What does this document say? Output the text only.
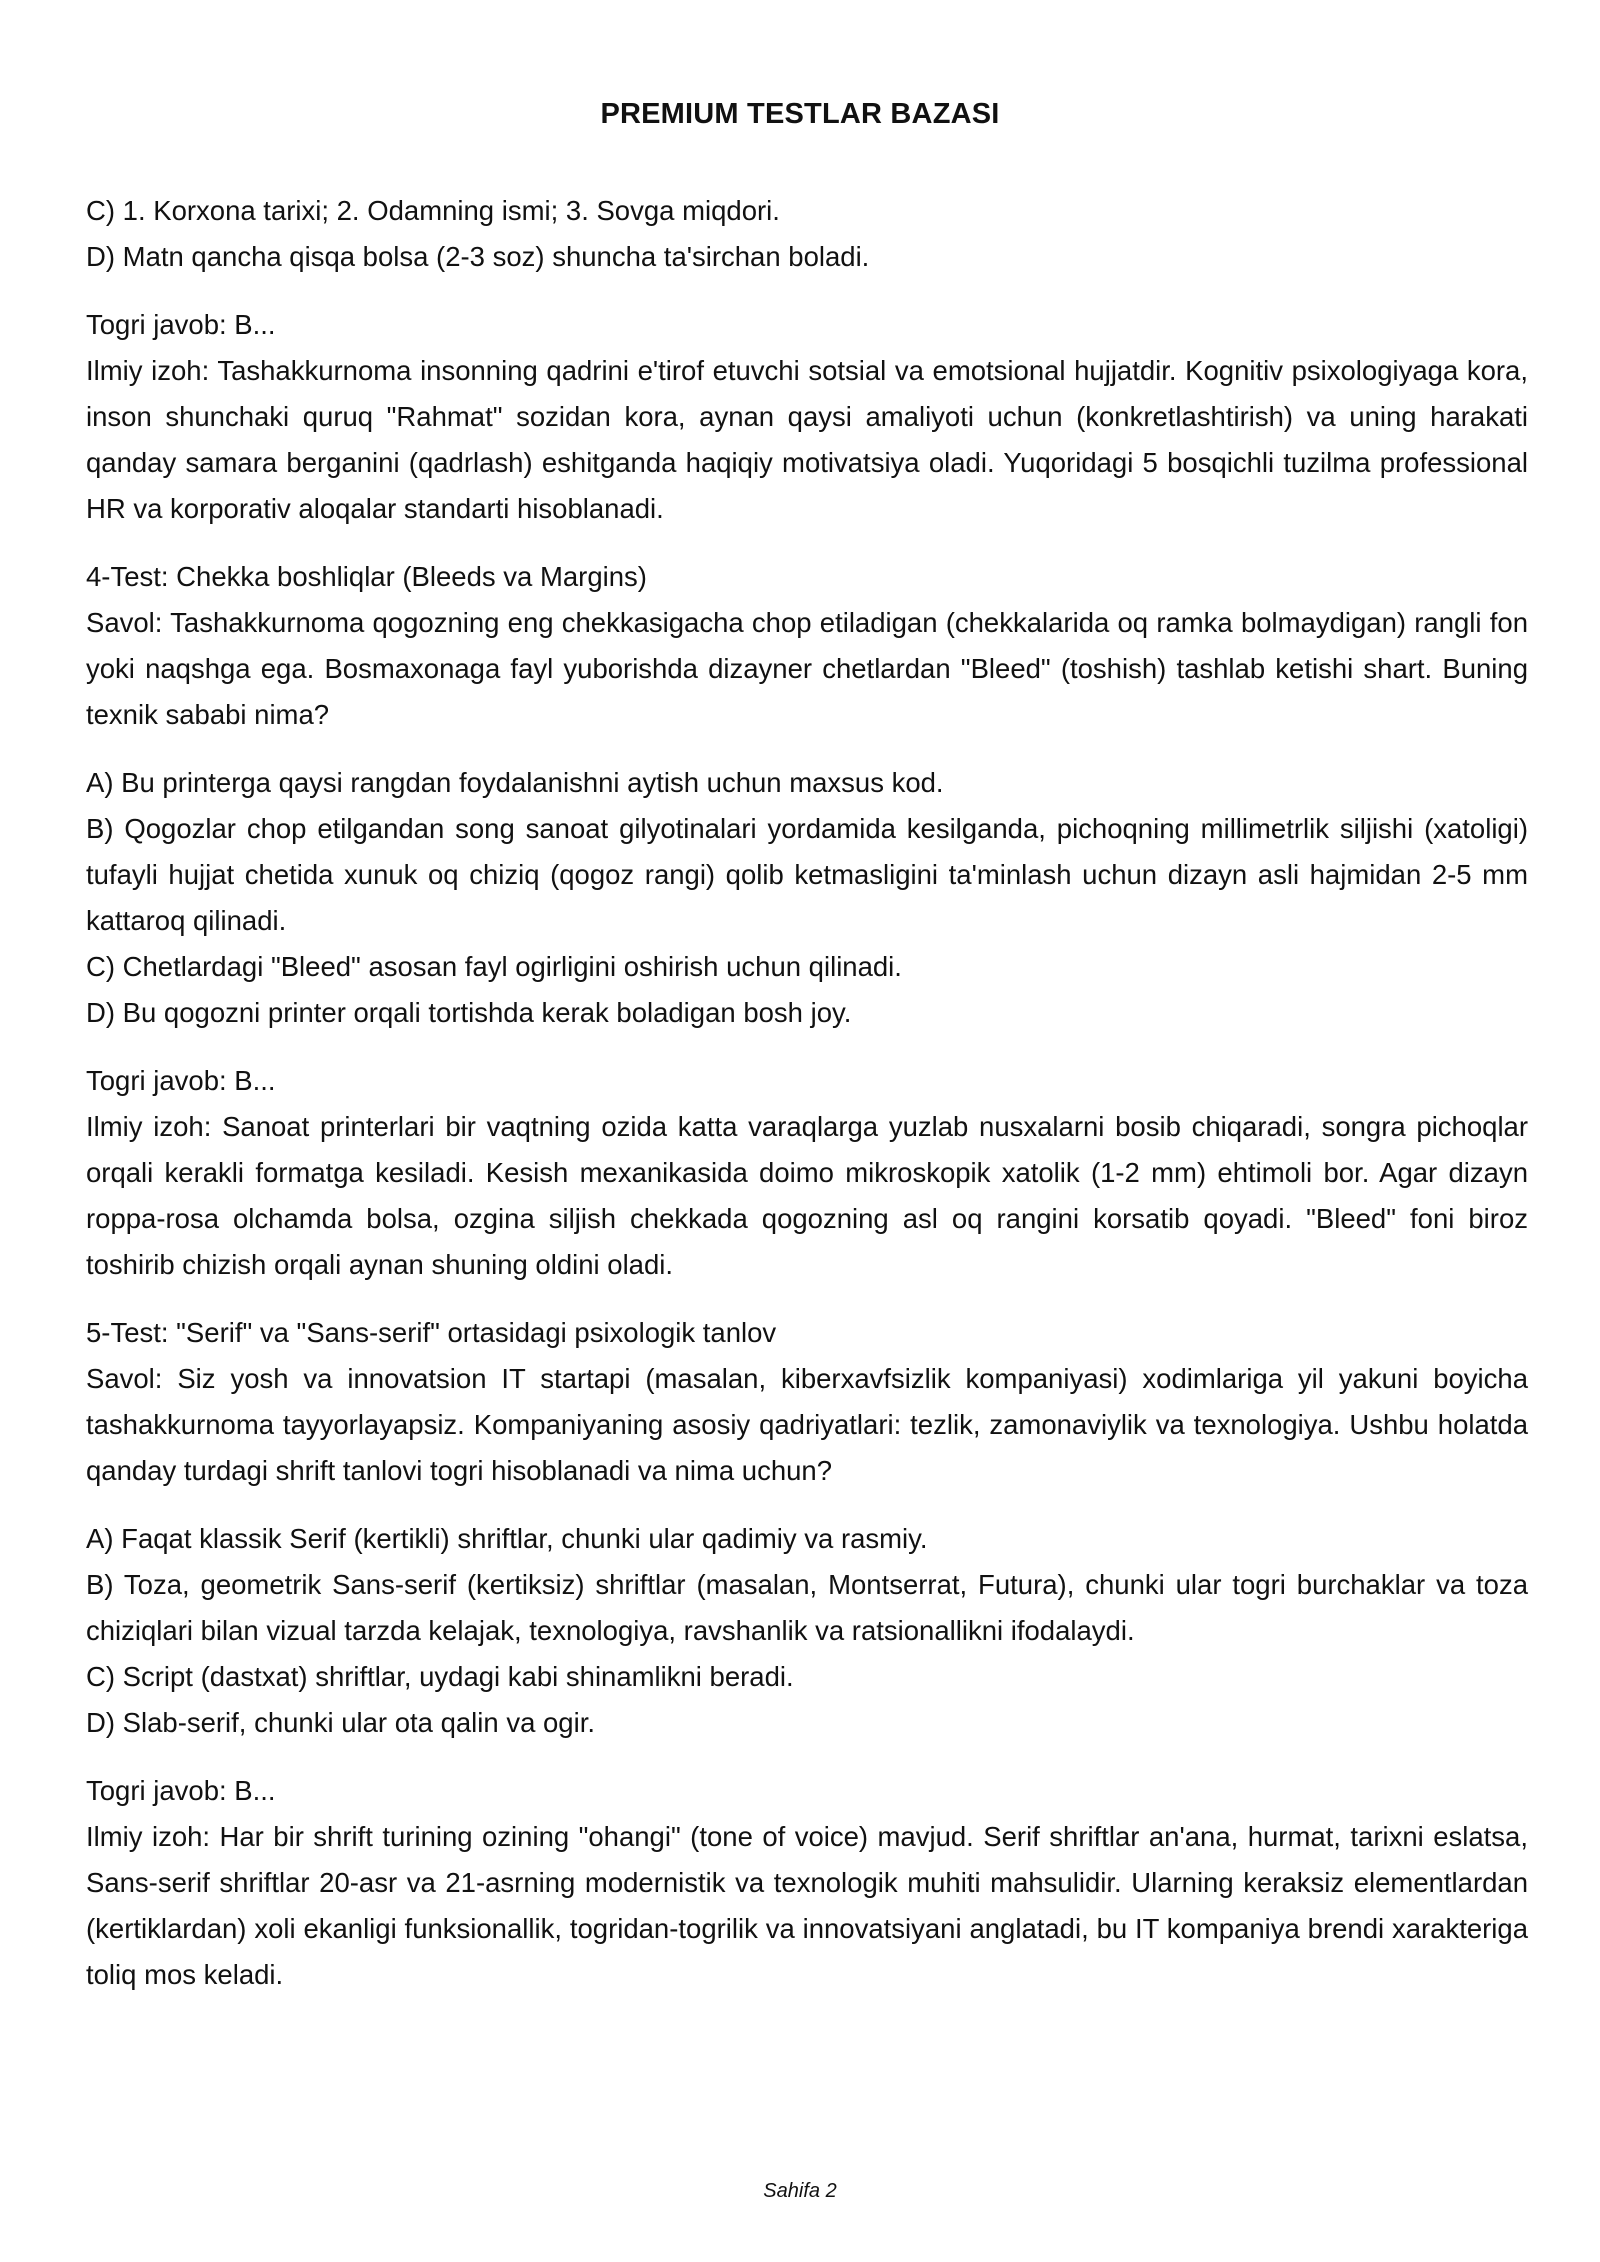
PREMIUM TESTLAR BAZASI

C) 1. Korxona tarixi; 2. Odamning ismi; 3. Sovga miqdori.

D) Matn qancha qisqa bolsa (2-3 soz) shuncha ta'sirchan boladi.

Togri javob: B...

Ilmiy izoh: Tashakkurnoma insonning qadrini e'tirof etuvchi sotsial va emotsional hujjatdir. Kognitiv psixologiyaga kora, inson shunchaki quruq "Rahmat" sozidan kora, aynan qaysi amaliyoti uchun (konkretlashtirish) va uning harakati qanday samara berganini (qadrlash) eshitganda haqiqiy motivatsiya oladi. Yuqoridagi 5 bosqichli tuzilma professional HR va korporativ aloqalar standarti hisoblanadi.

4-Test: Chekka boshliqlar (Bleeds va Margins)

Savol: Tashakkurnoma qogozning eng chekkasigacha chop etiladigan (chekkalarida oq ramka bolmaydigan) rangli fon yoki naqshga ega. Bosmaxonaga fayl yuborishda dizayner chetlardan "Bleed" (toshish) tashlab ketishi shart. Buning texnik sababi nima?

A) Bu printerga qaysi rangdan foydalanishni aytish uchun maxsus kod.

B) Qogozlar chop etilgandan song sanoat gilyotinalari yordamida kesilganda, pichoqning millimetrlik siljishi (xatoligi) tufayli hujjat chetida xunuk oq chiziq (qogoz rangi) qolib ketmasligini ta'minlash uchun dizayn asli hajmidan 2-5 mm kattaroq qilinadi.

C) Chetlardagi "Bleed" asosan fayl ogirligini oshirish uchun qilinadi.

D) Bu qogozni printer orqali tortishda kerak boladigan bosh joy.

Togri javob: B...

Ilmiy izoh: Sanoat printerlari bir vaqtning ozida katta varaqlarga yuzlab nusxalarni bosib chiqaradi, songra pichoqlar orqali kerakli formatga kesiladi. Kesish mexanikasida doimo mikroskopik xatolik (1-2 mm) ehtimoli bor. Agar dizayn roppa-rosa olchamda bolsa, ozgina siljish chekkada qogozning asl oq rangini korsatib qoyadi. "Bleed" foni biroz toshirib chizish orqali aynan shuning oldini oladi.

5-Test: "Serif" va "Sans-serif" ortasidagi psixologik tanlov

Savol: Siz yosh va innovatsion IT startapi (masalan, kiberxavfsizlik kompaniyasi) xodimlariga yil yakuni boyicha tashakkurnoma tayyorlayapsiz. Kompaniyaning asosiy qadriyatlari: tezlik, zamonaviylik va texnologiya. Ushbu holatda qanday turdagi shrift tanlovi togri hisoblanadi va nima uchun?

A) Faqat klassik Serif (kertikli) shriftlar, chunki ular qadimiy va rasmiy.

B) Toza, geometrik Sans-serif (kertiksiz) shriftlar (masalan, Montserrat, Futura), chunki ular togri burchaklar va toza chiziqlari bilan vizual tarzda kelajak, texnologiya, ravshanlik va ratsionallikni ifodalaydi.

C) Script (dastxat) shriftlar, uydagi kabi shinamlikni beradi.

D) Slab-serif, chunki ular ota qalin va ogir.

Togri javob: B...

Ilmiy izoh: Har bir shrift turining ozining "ohangi" (tone of voice) mavjud. Serif shriftlar an'ana, hurmat, tarixni eslatsa, Sans-serif shriftlar 20-asr va 21-asrning modernistik va texnologik muhiti mahsulidir. Ularning keraksiz elementlardan (kertiklardan) xoli ekanligi funksionallik, togridan-togrilik va innovatsiyani anglatadi, bu IT kompaniya brendi xarakteriga toliq mos keladi.

Sahifa 2
